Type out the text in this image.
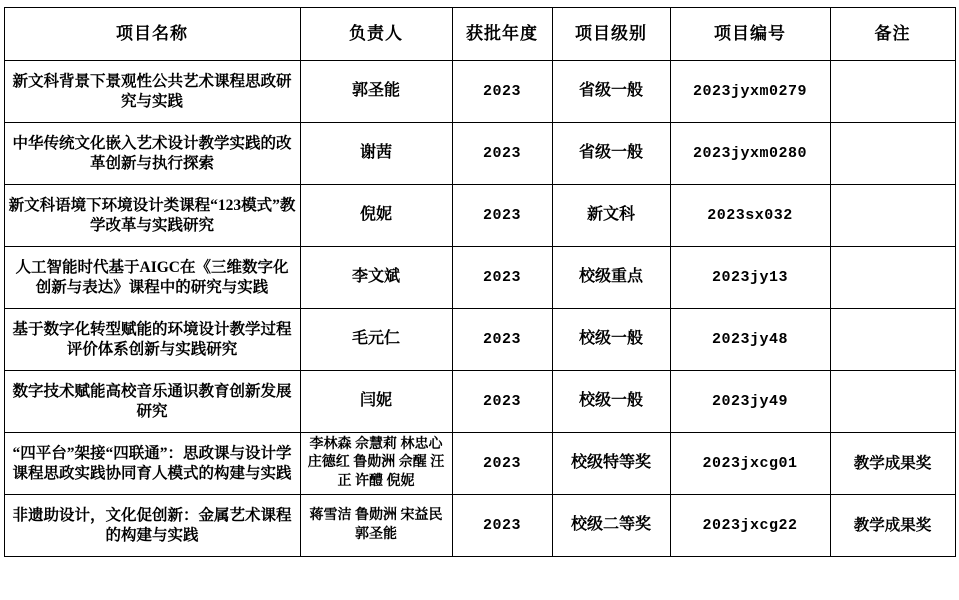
项目名称	负责人	获批年度	项目级别	项目编号	备注
新文科背景下景观性公共艺术课程思政研究与实践	郭圣能	2023	省级一般	2023jyxm0279	
中华传统文化嵌入艺术设计教学实践的改革创新与执行探索	谢茜	2023	省级一般	2023jyxm0280	
新文科语境下环境设计类课程“123模式”教学改革与实践研究	倪妮	2023	新文科	2023sx032	
人工智能时代基于AIGC在《三维数字化创新与表达》课程中的研究与实践	李文斌	2023	校级重点	2023jy13	
基于数字化转型赋能的环境设计教学过程评价体系创新与实践研究	毛元仁	2023	校级一般	2023jy48	
数字技术赋能高校音乐通识教育创新发展研究	闫妮	2023	校级一般	2023jy49	
“四平台”架接“四联通”：思政课与设计学课程思政实践协同育人模式的构建与实践	李林森 佘慧莉 林忠心 庄德红 鲁勋洲 佘醒 汪正 许醴 倪妮	2023	校级特等奖	2023jxcg01	教学成果奖
非遗助设计，文化促创新：金属艺术课程的构建与实践	蒋雪洁 鲁勋洲 宋益民 郭圣能	2023	校级二等奖	2023jxcg22	教学成果奖
